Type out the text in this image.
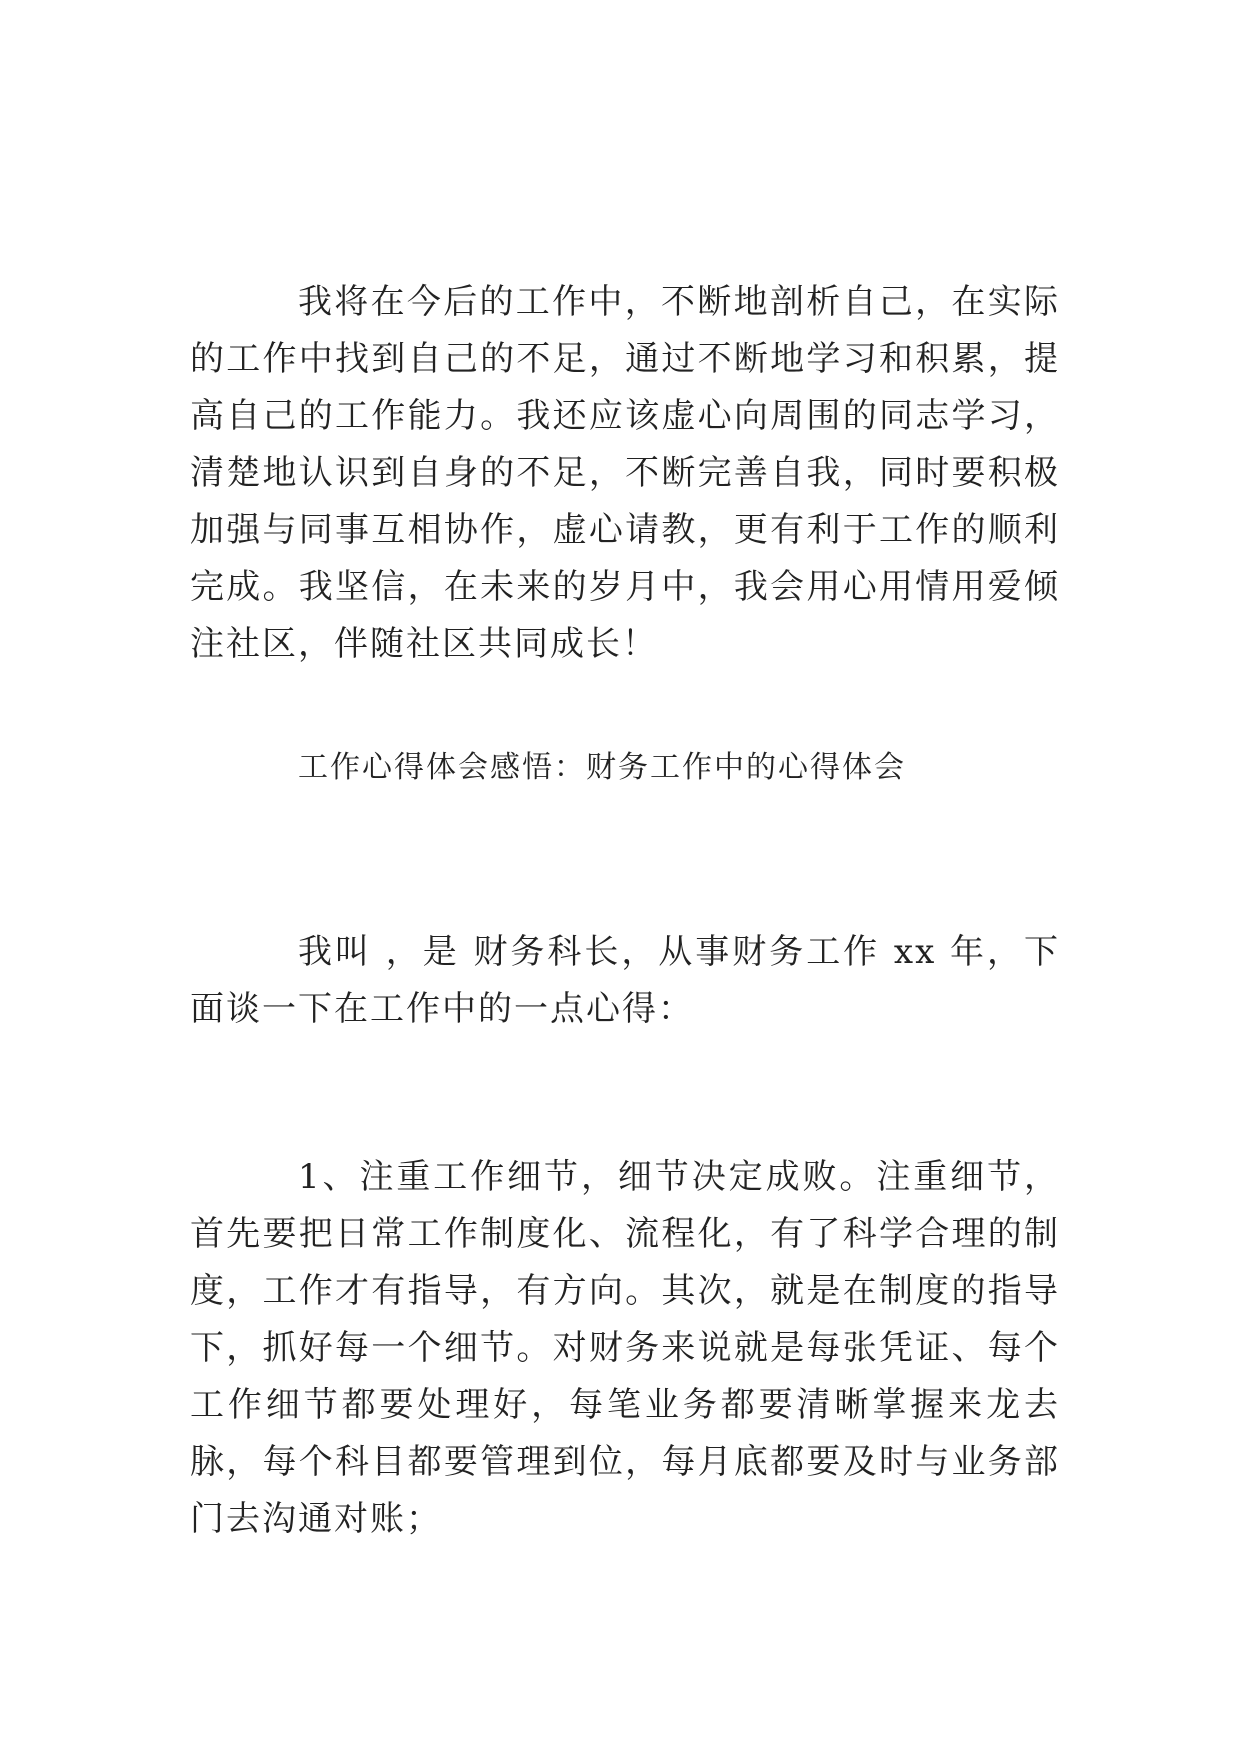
我将在今后的工作中，不断地剖析自己，在实际的工作中找到自己的不足，通过不断地学习和积累，提高自己的工作能力。我还应该虚心向周围的同志学习，清楚地认识到自身的不足，不断完善自我，同时要积极加强与同事互相协作，虚心请教，更有利于工作的顺利完成。我坚信，在未来的岁月中，我会用心用情用爱倾注社区，伴随社区共同成长！

工作心得体会感悟：财务工作中的心得体会

我叫 ，是 财务科长，从事财务工作 xx 年，下面谈一下在工作中的一点心得：

1、注重工作细节，细节决定成败。注重细节，首先要把日常工作制度化、流程化，有了科学合理的制度，工作才有指导，有方向。其次，就是在制度的指导下，抓好每一个细节。对财务来说就是每张凭证、每个工作细节都要处理好，每笔业务都要清晰掌握来龙去脉，每个科目都要管理到位，每月底都要及时与业务部门去沟通对账；
